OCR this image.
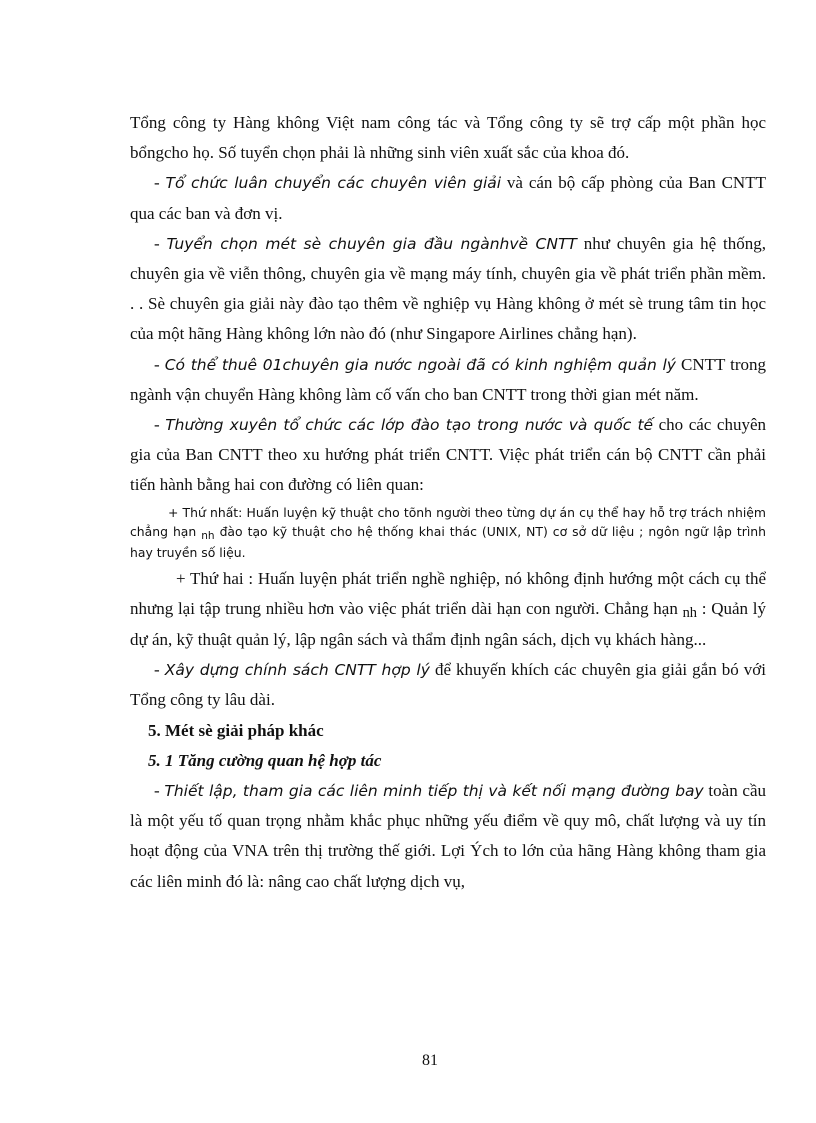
Tổng công ty Hàng không Việt nam công tác và Tổng công ty sẽ trợ cấp một phần học bổngcho họ. Số tuyển chọn phải là những sinh viên xuất sắc của khoa đó.

- Tổ chức luân chuyển các chuyên viên giải và cán bộ cấp phòng của Ban CNTT qua các ban và đơn vị.

- Tuyển chọn mét sè chuyên gia đầu ngànhvề CNTT như chuyên gia hệ thống, chuyên gia về viễn thông, chuyên gia về mạng máy tính, chuyên gia về phát triển phần mềm. . . Sè chuyên gia giải này đào tạo thêm về nghiệp vụ Hàng không ở mét sè trung tâm tin học của một hãng Hàng không lớn nào đó (như Singapore Airlines chẳng hạn).

- Có thể thuê 01chuyên gia nước ngoài đã có kinh nghiệm quản lý CNTT trong ngành vận chuyển Hàng không làm cố vấn cho ban CNTT trong thời gian mét năm.

- Thường xuyên tổ chức các lớp đào tạo trong nước và quốc tế cho các chuyên gia của Ban CNTT theo xu hướng phát triển CNTT. Việc phát triển cán bộ CNTT cần phải tiến hành bằng hai con đường có liên quan:

+ Thứ nhất: Huấn luyện kỹ thuật cho tõnh người theo từng dự án cụ thể hay hỗ trợ trách nhiệm chẳng hạn $_{nh}$ đào tạo kỹ thuật cho hệ thống khai thác (UNIX, NT) cơ sở dữ liệu ; ngôn ngữ lập trình hay truyền số liệu.

+ Thứ hai : Huấn luyện phát triển nghề nghiệp, nó không định hướng một cách cụ thể nhưng lại tập trung nhiều hơn vào việc phát triển dài hạn con người. Chẳng hạn nh : Quản lý dự án, kỹ thuật quản lý, lập ngân sách và thẩm định ngân sách, dịch vụ khách hàng...

- Xây dựng chính sách CNTT hợp lý để khuyến khích các chuyên gia giải gắn bó với Tổng công ty lâu dài.

5. Mét sè giải pháp khác

5. 1 Tăng cường quan hệ hợp tác

- Thiết lập, tham gia các liên minh tiếp thị và kết nối mạng đường bay toàn cầu là một yếu tố quan trọng nhằm khắc phục những yếu điểm về quy mô, chất lượng và uy tín hoạt động của VNA trên thị trường thế giới. Lợi Ých to lớn của hãng Hàng không tham gia các liên minh đó là: nâng cao chất lượng dịch vụ,

81
